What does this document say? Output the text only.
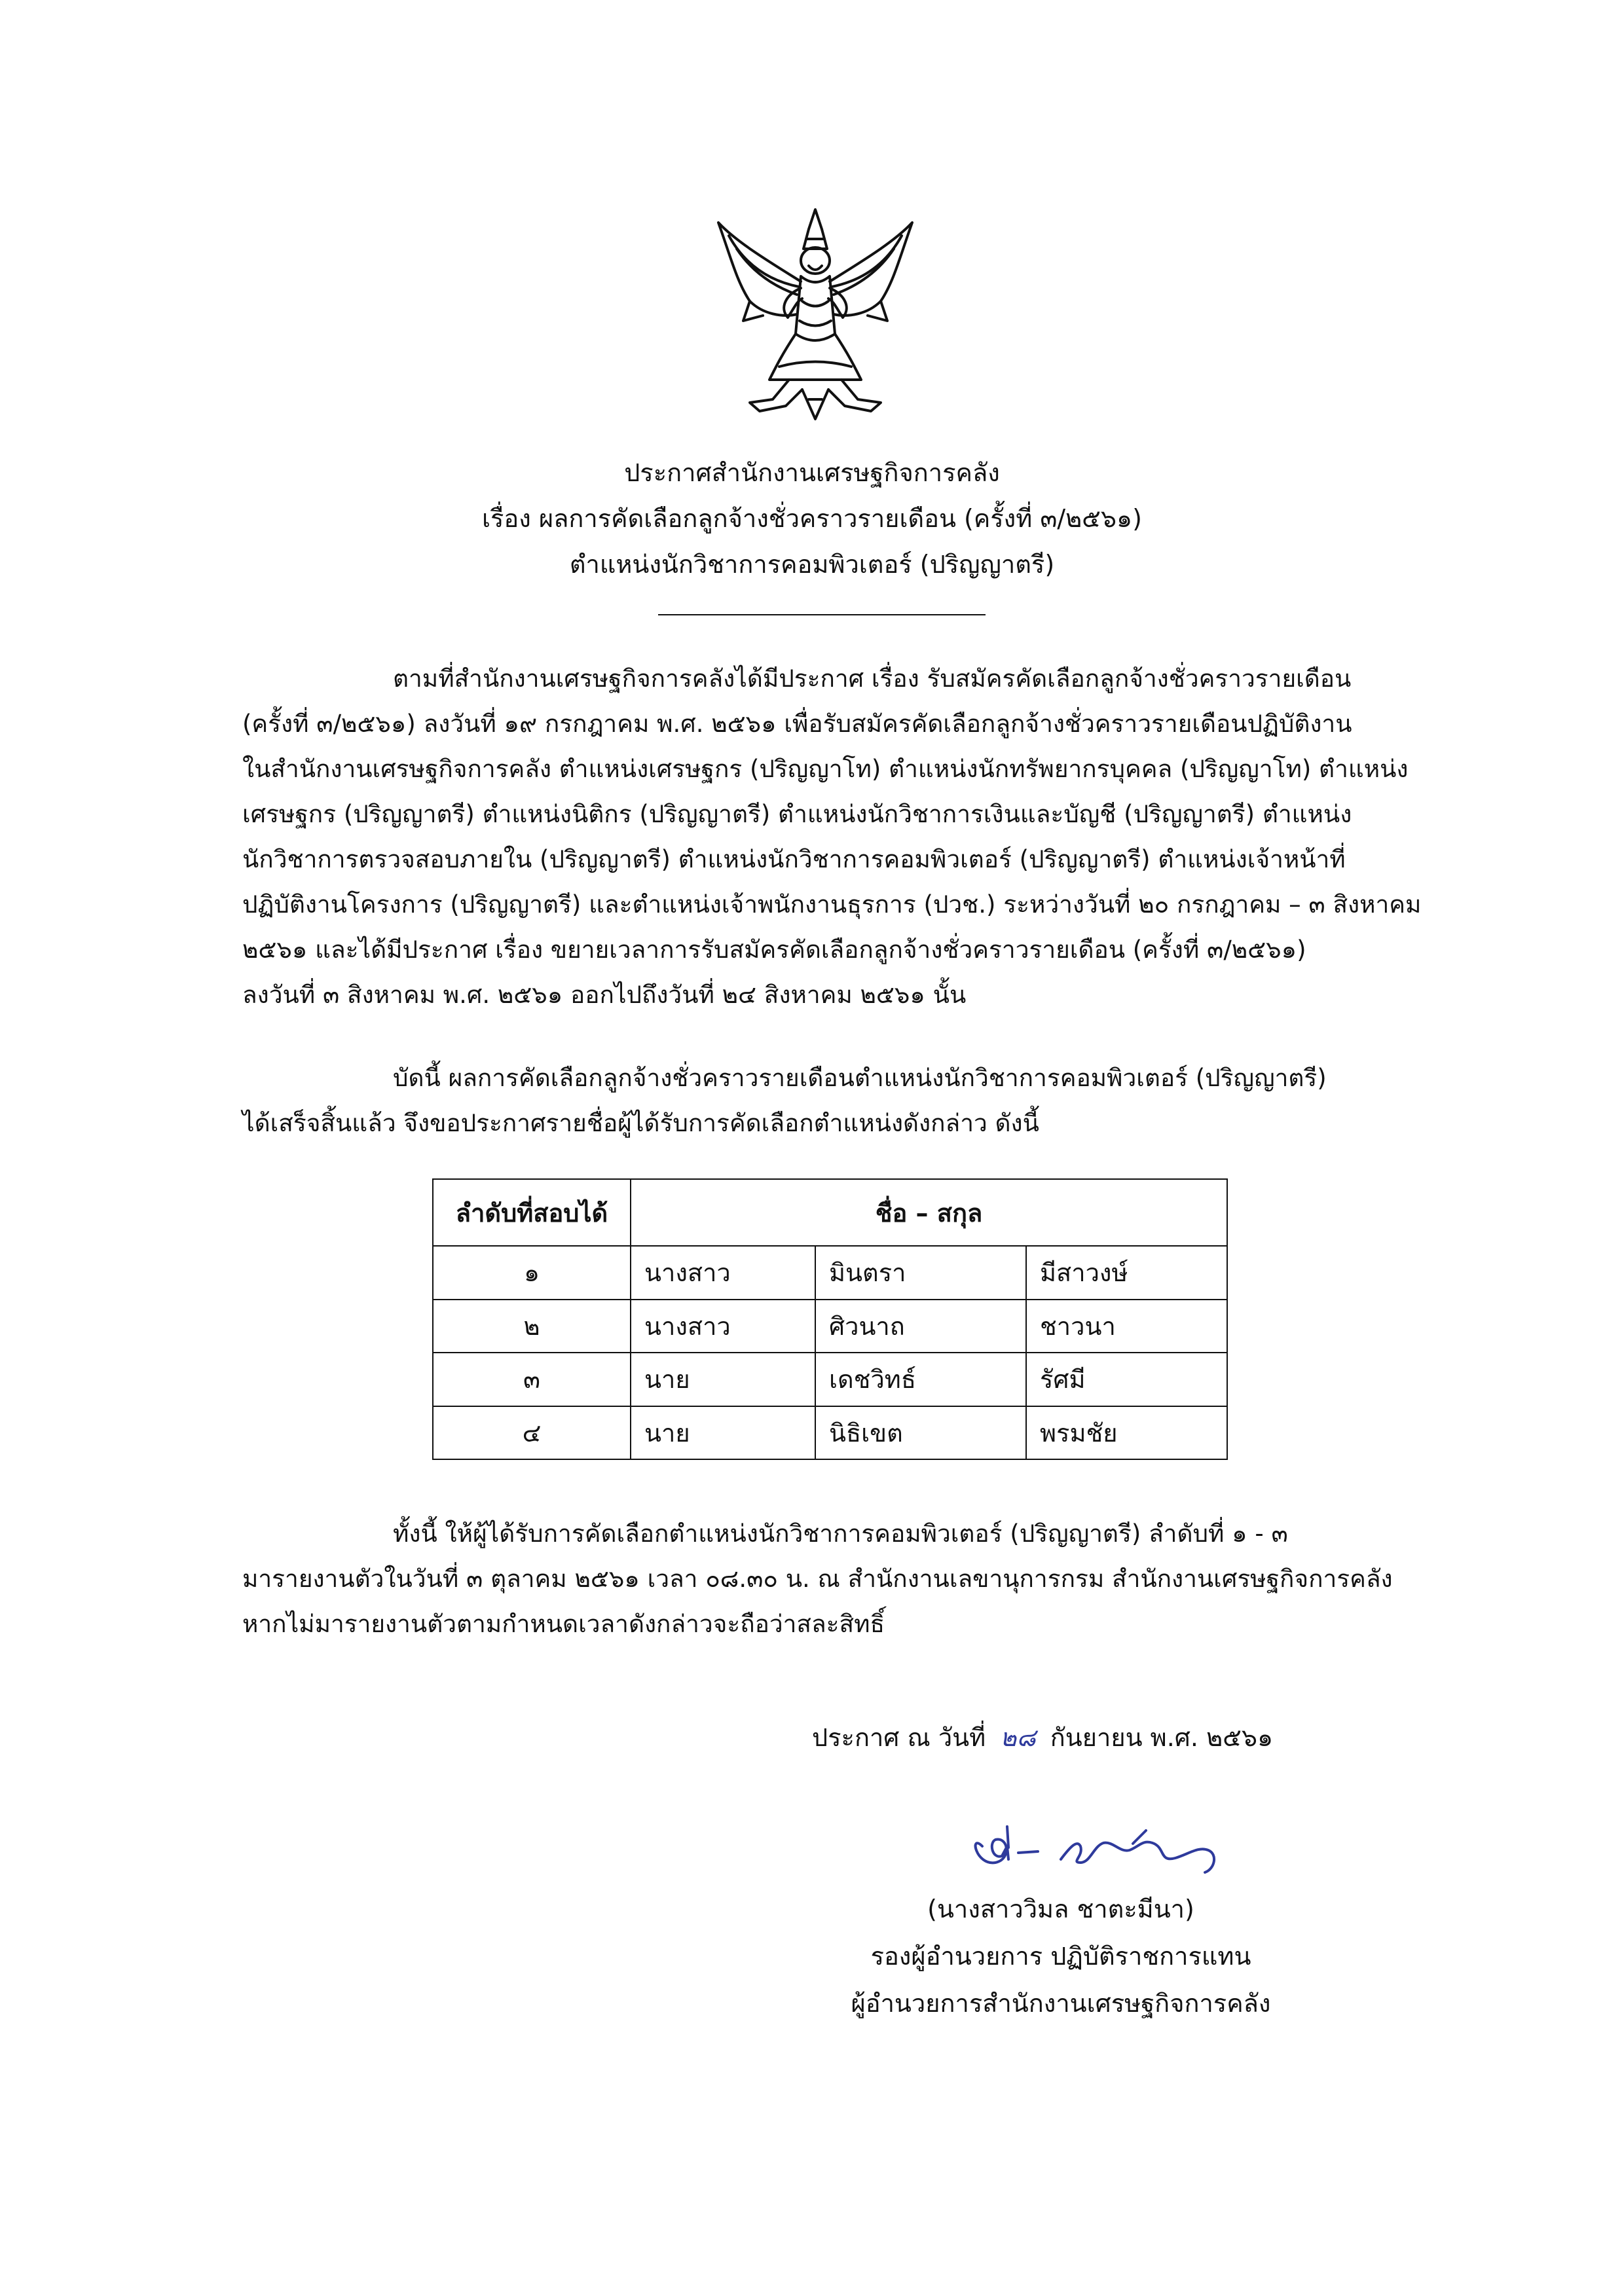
ประกาศสำนักงานเศรษฐกิจการคลัง
เรื่อง ผลการคัดเลือกลูกจ้างชั่วคราวรายเดือน (ครั้งที่ ๓/๒๕๖๑)
ตำแหน่งนักวิชาการคอมพิวเตอร์ (ปริญญาตรี)
ตามที่สำนักงานเศรษฐกิจการคลังได้มีประกาศ เรื่อง รับสมัครคัดเลือกลูกจ้างชั่วคราวรายเดือน
(ครั้งที่ ๓/๒๕๖๑) ลงวันที่ ๑๙ กรกฎาคม พ.ศ. ๒๕๖๑ เพื่อรับสมัครคัดเลือกลูกจ้างชั่วคราวรายเดือนปฏิบัติงาน
ในสำนักงานเศรษฐกิจการคลัง ตำแหน่งเศรษฐกร (ปริญญาโท) ตำแหน่งนักทรัพยากรบุคคล (ปริญญาโท) ตำแหน่ง
เศรษฐกร (ปริญญาตรี) ตำแหน่งนิติกร (ปริญญาตรี) ตำแหน่งนักวิชาการเงินและบัญชี (ปริญญาตรี) ตำแหน่ง
นักวิชาการตรวจสอบภายใน (ปริญญาตรี) ตำแหน่งนักวิชาการคอมพิวเตอร์ (ปริญญาตรี) ตำแหน่งเจ้าหน้าที่
ปฏิบัติงานโครงการ (ปริญญาตรี) และตำแหน่งเจ้าพนักงานธุรการ (ปวช.) ระหว่างวันที่ ๒๐ กรกฎาคม – ๓ สิงหาคม
๒๕๖๑ และได้มีประกาศ เรื่อง ขยายเวลาการรับสมัครคัดเลือกลูกจ้างชั่วคราวรายเดือน (ครั้งที่ ๓/๒๕๖๑)
ลงวันที่ ๓ สิงหาคม พ.ศ. ๒๕๖๑ ออกไปถึงวันที่ ๒๔ สิงหาคม ๒๕๖๑ นั้น
บัดนี้ ผลการคัดเลือกลูกจ้างชั่วคราวรายเดือนตำแหน่งนักวิชาการคอมพิวเตอร์ (ปริญญาตรี)
ได้เสร็จสิ้นแล้ว จึงขอประกาศรายชื่อผู้ได้รับการคัดเลือกตำแหน่งดังกล่าว ดังนี้
ลำดับที่สอบได้	ชื่อ – สกุล		
๑	นางสาว	มินตรา	มีสาวงษ์
๒	นางสาว	ศิวนาถ	ชาวนา
๓	นาย	เดชวิทธ์	รัศมี
๔	นาย	นิธิเขต	พรมชัย
ทั้งนี้ ให้ผู้ได้รับการคัดเลือกตำแหน่งนักวิชาการคอมพิวเตอร์ (ปริญญาตรี) ลำดับที่ ๑ - ๓
มารายงานตัวในวันที่ ๓ ตุลาคม ๒๕๖๑ เวลา ๐๘.๓๐ น. ณ สำนักงานเลขานุการกรม สำนักงานเศรษฐกิจการคลัง
หากไม่มารายงานตัวตามกำหนดเวลาดังกล่าวจะถือว่าสละสิทธิ์
ประกาศ ณ วันที่ ๒๘ กันยายน พ.ศ. ๒๕๖๑
(นางสาววิมล ชาตะมีนา)
รองผู้อำนวยการ ปฏิบัติราชการแทน
ผู้อำนวยการสำนักงานเศรษฐกิจการคลัง
